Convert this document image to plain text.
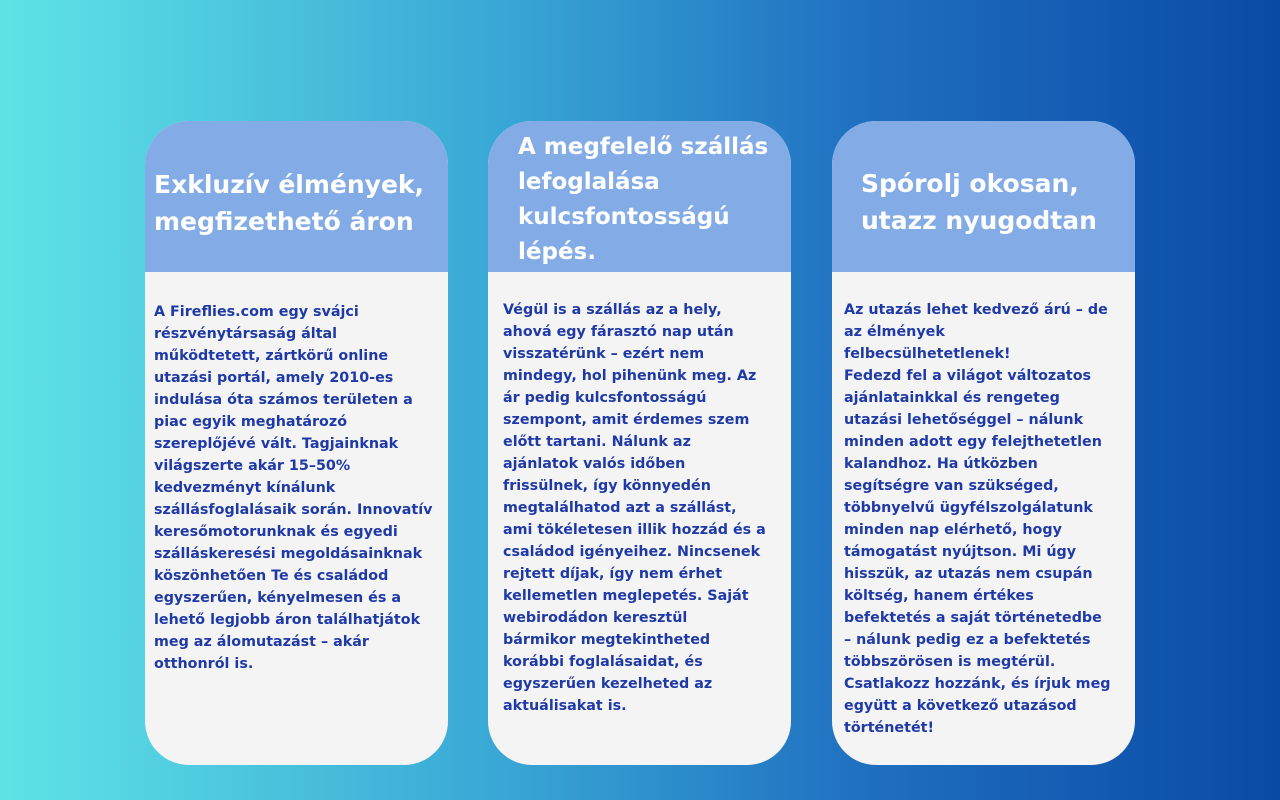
Exkluzív élmények,
megfizethető áron

A Fireflies.com egy svájci
részvénytársaság által
működtetett, zártkörű online
utazási portál, amely 2010-es
indulása óta számos területen a
piac egyik meghatározó
szereplőjévé vált. Tagjainknak
világszerte akár 15–50%
kedvezményt kínálunk
szállásfoglalásaik során. Innovatív
keresőmotorunknak és egyedi
szálláskeresési megoldásainknak
köszönhetően Te és családod
egyszerűen, kényelmesen és a
lehető legjobb áron találhatjátok
meg az álomutazást – akár
otthonról is.

A megfelelő szállás
lefoglalása
kulcsfontosságú
lépés.

Végül is a szállás az a hely,
ahová egy fárasztó nap után
visszatérünk – ezért nem
mindegy, hol pihenünk meg. Az
ár pedig kulcsfontosságú
szempont, amit érdemes szem
előtt tartani. Nálunk az
ajánlatok valós időben
frissülnek, így könnyedén
megtalálhatod azt a szállást,
ami tökéletesen illik hozzád és a
családod igényeihez. Nincsenek
rejtett díjak, így nem érhet
kellemetlen meglepetés. Saját
webirodádon keresztül
bármikor megtekintheted
korábbi foglalásaidat, és
egyszerűen kezelheted az
aktuálisakat is.

Spórolj okosan,
utazz nyugodtan

Az utazás lehet kedvező árú – de
az élmények
felbecsülhetetlenek!
Fedezd fel a világot változatos
ajánlatainkkal és rengeteg
utazási lehetőséggel – nálunk
minden adott egy felejthetetlen
kalandhoz. Ha útközben
segítségre van szükséged,
többnyelvű ügyfélszolgálatunk
minden nap elérhető, hogy
támogatást nyújtson. Mi úgy
hisszük, az utazás nem csupán
költség, hanem értékes
befektetés a saját történetedbe
– nálunk pedig ez a befektetés
többszörösen is megtérül.
Csatlakozz hozzánk, és írjuk meg
együtt a következő utazásod
történetét!
